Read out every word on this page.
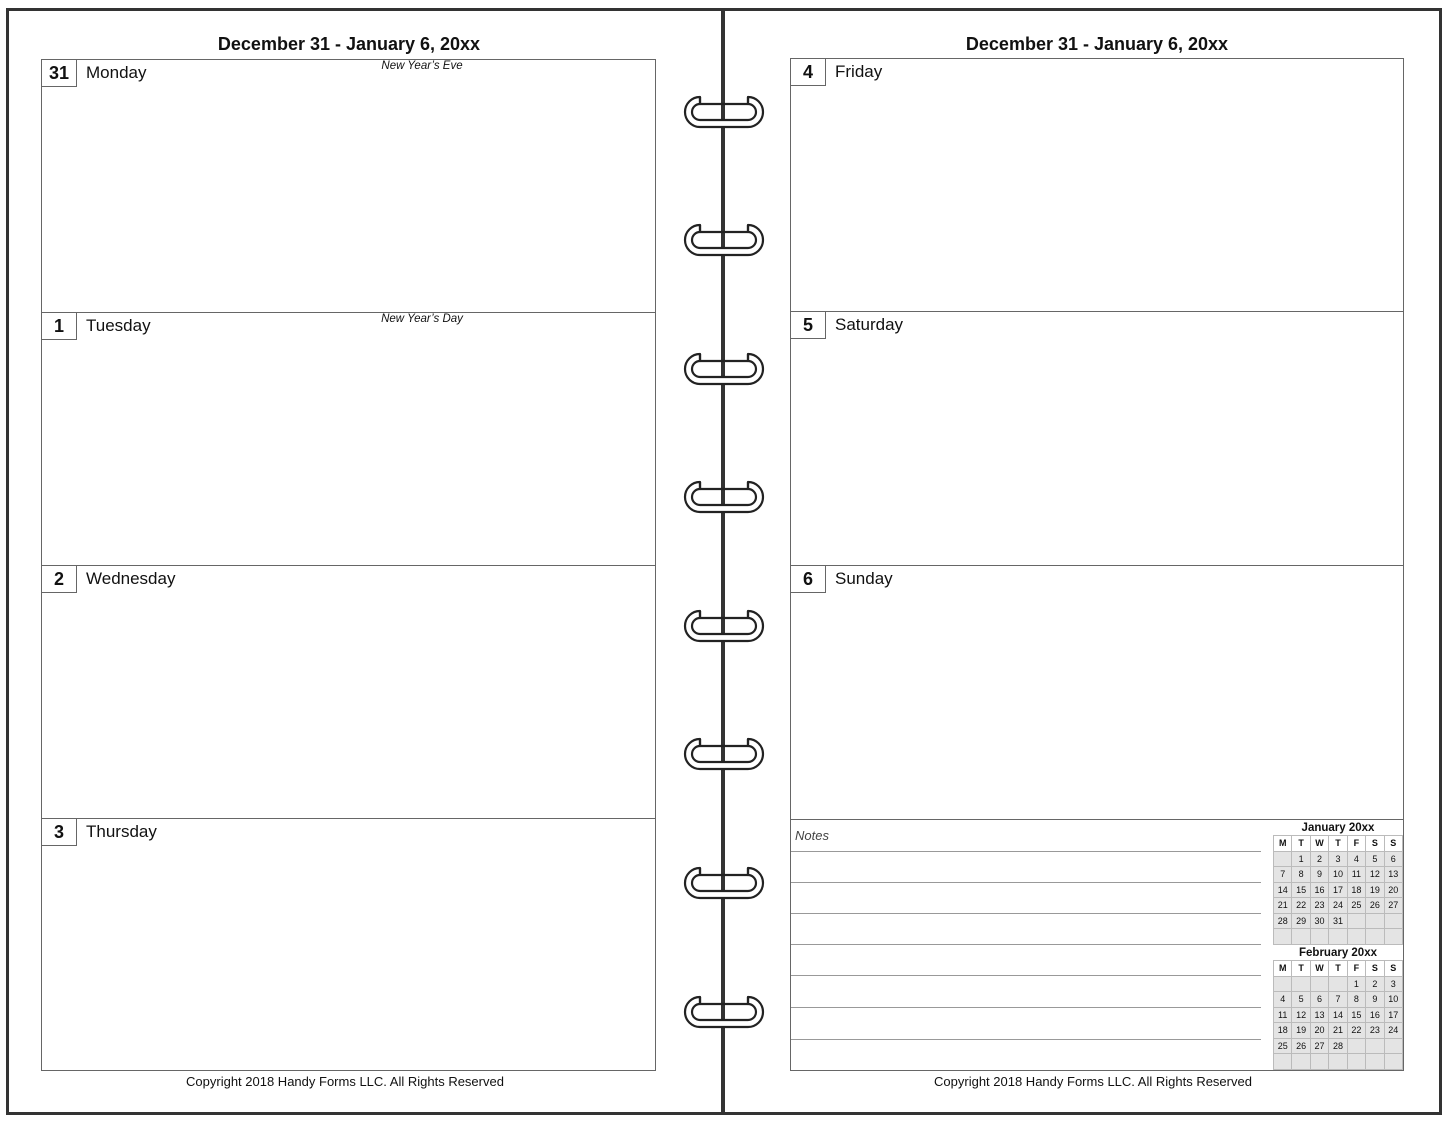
December 31 - January 6, 20xx
31 Monday	New Year’s Eve
1	Tuesday	New Year’s Day
2	Wednesday
3	Thursday
Copyright 2018 Handy Forms LLC. All Rights Reserved
December 31 - January 6, 20xx
4	Friday
5	Saturday
6	Sunday
Notes	January 20xx
M	T	W	T	F	S	S
	1	2	3	4	5	6
7	8	9	10	11	12	13
14	15	16	17	18	19	20
21	22	23	24	25	26	27
28	29	30	31			

February 20xx
M	T	W	T	F	S	S
				1	2	3
4	5	6	7	8	9	10
11	12	13	14	15	16	17
18	19	20	21	22	23	24
25	26	27	28			

Copyright 2018 Handy Forms LLC. All Rights Reserved
